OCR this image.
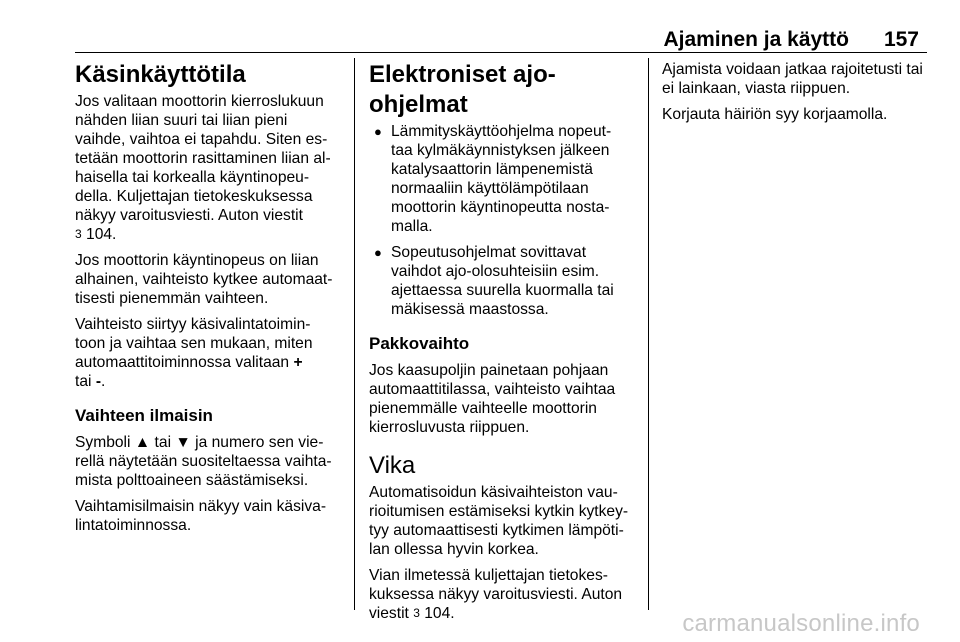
Ajaminen ja käyttö 157
Käsinkäyttötila

Jos valitaan moottorin kierroslukuun
nähden liian suuri tai liian pieni
vaihde, vaihtoa ei tapahdu. Siten es-
tetään moottorin rasittaminen liian al-
haisella tai korkealla käyntinopeu-
della. Kuljettajan tietokeskuksessa
näkyy varoitusviesti. Auton viestit
3 104.

Jos moottorin käyntinopeus on liian
alhainen, vaihteisto kytkee automaat-
tisesti pienemmän vaihteen.

Vaihteisto siirtyy käsivalintatoimin-
toon ja vaihtaa sen mukaan, miten
automaattitoiminnossa valitaan +
tai -.

Vaihteen ilmaisin

Symboli ▲ tai ▼ ja numero sen vie-
rellä näytetään suositeltaessa vaihta-
mista polttoaineen säästämiseksi.

Vaihtamisilmaisin näkyy vain käsiva-
lintatoiminnossa.

Elektroniset ajo-ohjelmat
● Lämmityskäyttöohjelma nopeut-
taa kylmäkäynnistyksen jälkeen
katalysaattorin lämpenemistä
normaaliin käyttölämpötilaan
moottorin käyntinopeutta nosta-
malla.
● Sopeutusohjelmat sovittavat
vaihdot ajo-olosuhteisiin esim.
ajettaessa suurella kuormalla tai
mäkisessä maastossa.
Pakkovaihto

Jos kaasupoljin painetaan pohjaan
automaattitilassa, vaihteisto vaihtaa
pienemmälle vaihteelle moottorin
kierrosluvusta riippuen.

Vika

Automatisoidun käsivaihteiston vau-
rioitumisen estämiseksi kytkin kytkey-
tyy automaattisesti kytkimen lämpöti-
lan ollessa hyvin korkea.

Vian ilmetessä kuljettajan tietokes-
kuksessa näkyy varoitusviesti. Auton
viestit 3 104.

Ajamista voidaan jatkaa rajoitetusti tai
ei lainkaan, viasta riippuen.

Korjauta häiriön syy korjaamolla.

carmanualsonline.info
